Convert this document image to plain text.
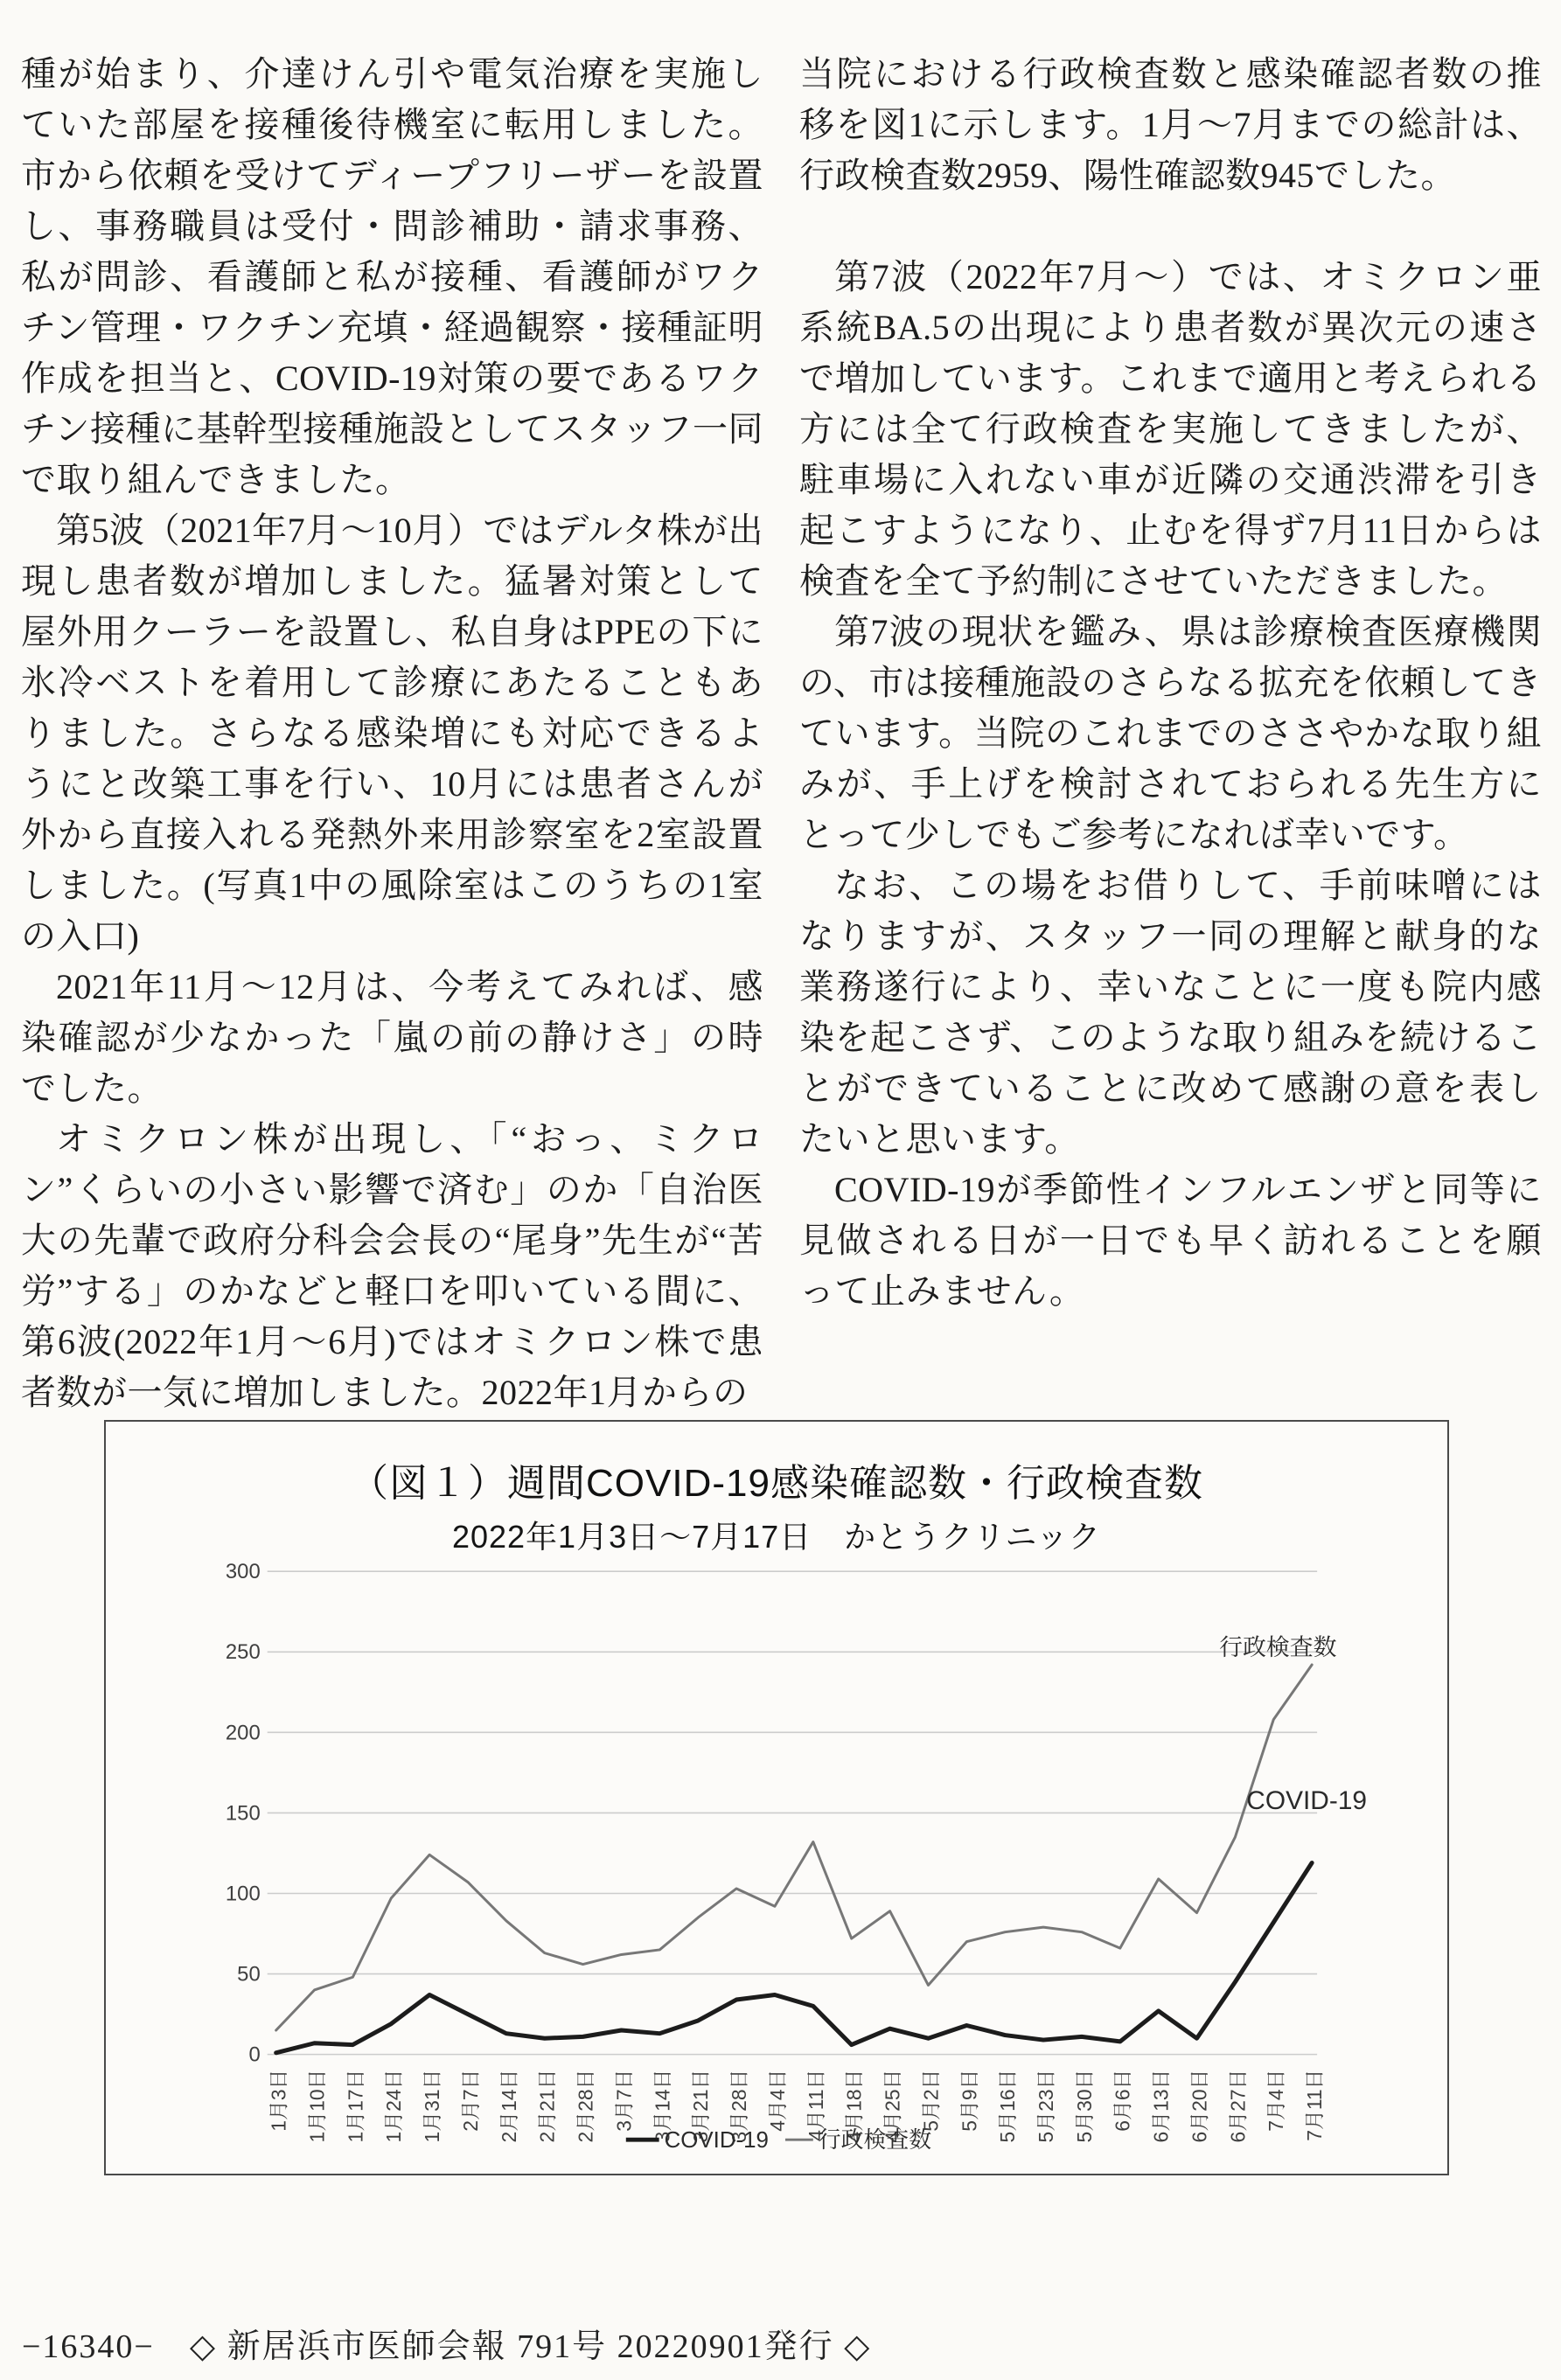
種が始まり、介達けん引や電気治療を実施していた部屋を接種後待機室に転用しました。市から依頼を受けてディープフリーザーを設置し、事務職員は受付・問診補助・請求事務、私が問診、看護師と私が接種、看護師がワクチン管理・ワクチン充填・経過観察・接種証明作成を担当と、COVID-19対策の要であるワクチン接種に基幹型接種施設としてスタッフ一同で取り組んできました。

第5波（2021年7月～10月）ではデルタ株が出現し患者数が増加しました。猛暑対策として屋外用クーラーを設置し、私自身はPPEの下に氷冷ベストを着用して診療にあたることもありました。さらなる感染増にも対応できるようにと改築工事を行い、10月には患者さんが外から直接入れる発熱外来用診察室を2室設置しました。(写真1中の風除室はこのうちの1室の入口)

2021年11月～12月は、今考えてみれば、感染確認が少なかった「嵐の前の静けさ」の時でした。

オミクロン株が出現し、「“おっ、ミクロン”くらいの小さい影響で済む」のか「自治医大の先輩で政府分科会会長の“尾身”先生が“苦労”する」のかなどと軽口を叩いている間に、第6波(2022年1月～6月)ではオミクロン株で患者数が一気に増加しました。2022年1月からの

当院における行政検査数と感染確認者数の推移を図1に示します。1月～7月までの総計は、行政検査数2959、陽性確認数945でした。

第7波（2022年7月～）では、オミクロン亜系統BA.5の出現により患者数が異次元の速さで増加しています。これまで適用と考えられる方には全て行政検査を実施してきましたが、駐車場に入れない車が近隣の交通渋滞を引き起こすようになり、止むを得ず7月11日からは検査を全て予約制にさせていただきました。

第7波の現状を鑑み、県は診療検査医療機関の、市は接種施設のさらなる拡充を依頼してきています。当院のこれまでのささやかな取り組みが、手上げを検討されておられる先生方にとって少しでもご参考になれば幸いです。

なお、この場をお借りして、手前味噌にはなりますが、スタッフ一同の理解と献身的な業務遂行により、幸いなことに一度も院内感染を起こさず、このような取り組みを続けることができていることに改めて感謝の意を表したいと思います。

COVID-19が季節性インフルエンザと同等に見做される日が一日でも早く訪れることを願って止みません。

（図１）週間COVID-19感染確認数・行政検査数
2022年1月3日～7月17日　かとうクリニック
0
50
100
150
200
250
300
1月3日 1月10日 1月17日 1月24日 1月31日 2月7日 2月14日 2月21日 2月28日 3月7日 3月14日 3月21日 3月28日 4月4日 4月11日 4月18日 4月25日 5月2日 5月9日 5月16日 5月23日 5月30日 6月6日 6月13日 6月20日 6月27日 7月4日 7月11日
行政検査数
COVID-19
COVID-19 行政検査数
−16340−　◇ 新居浜市医師会報 791号 20220901発行 ◇
